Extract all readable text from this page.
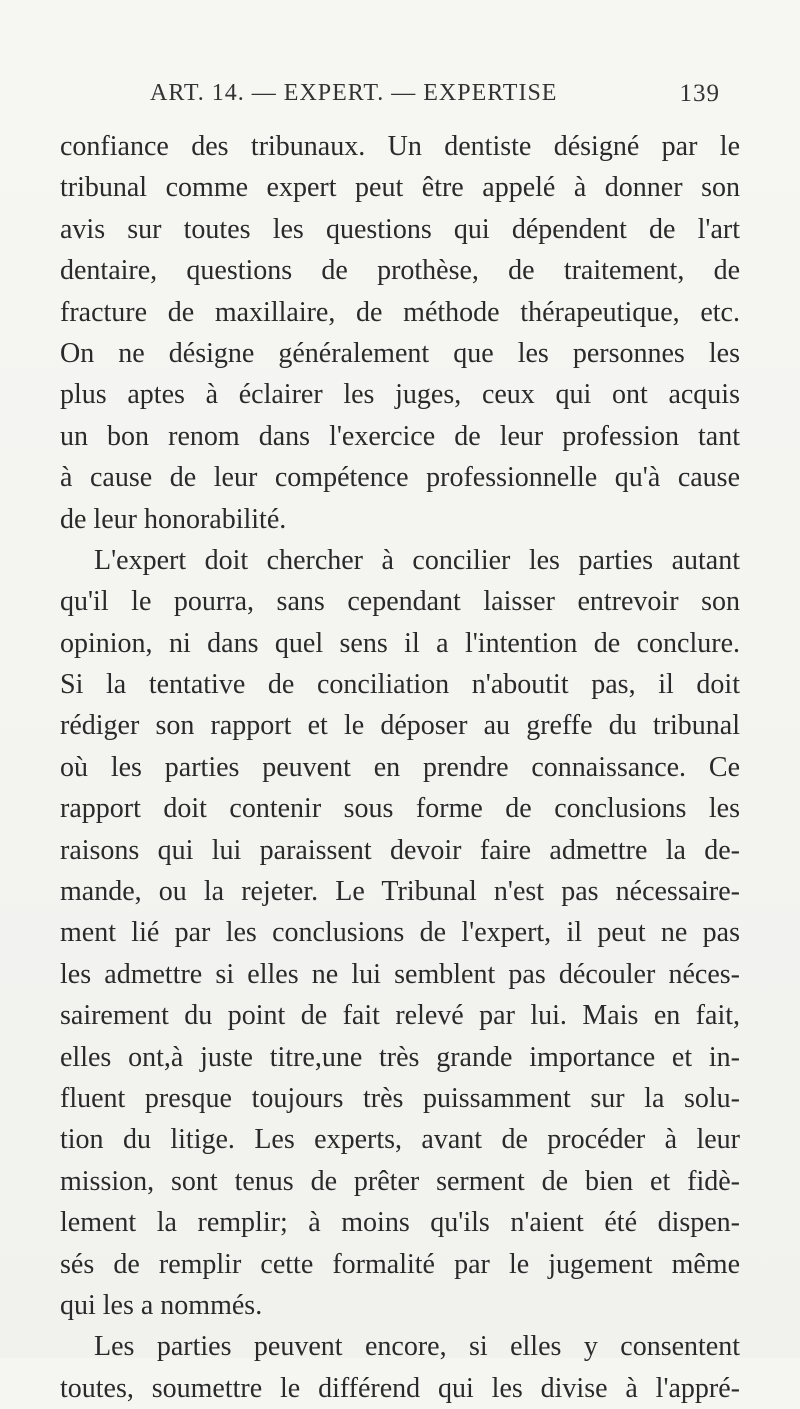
ART. 14. — EXPERT. — EXPERTISE	139
confiance des tribunaux. Un dentiste désigné par le
tribunal comme expert peut être appelé à donner son
avis sur toutes les questions qui dépendent de l'art
dentaire, questions de prothèse, de traitement, de
fracture de maxillaire, de méthode thérapeutique, etc.
On ne désigne généralement que les personnes les
plus aptes à éclairer les juges, ceux qui ont acquis
un bon renom dans l'exercice de leur profession tant
à cause de leur compétence professionnelle qu'à cause
de leur honorabilité.
L'expert doit chercher à concilier les parties autant
qu'il le pourra, sans cependant laisser entrevoir son
opinion, ni dans quel sens il a l'intention de conclure.
Si la tentative de conciliation n'aboutit pas, il doit
rédiger son rapport et le déposer au greffe du tribunal
où les parties peuvent en prendre connaissance. Ce
rapport doit contenir sous forme de conclusions les
raisons qui lui paraissent devoir faire admettre la de-
mande, ou la rejeter. Le Tribunal n'est pas nécessaire-
ment lié par les conclusions de l'expert, il peut ne pas
les admettre si elles ne lui semblent pas découler néces-
sairement du point de fait relevé par lui. Mais en fait,
elles ont,à juste titre,une très grande importance et in-
fluent presque toujours très puissamment sur la solu-
tion du litige. Les experts, avant de procéder à leur
mission, sont tenus de prêter serment de bien et fidè-
lement la remplir; à moins qu'ils n'aient été dispen-
sés de remplir cette formalité par le jugement même
qui les a nommés.
Les parties peuvent encore, si elles y consentent
toutes, soumettre le différend qui les divise à l'appré-
